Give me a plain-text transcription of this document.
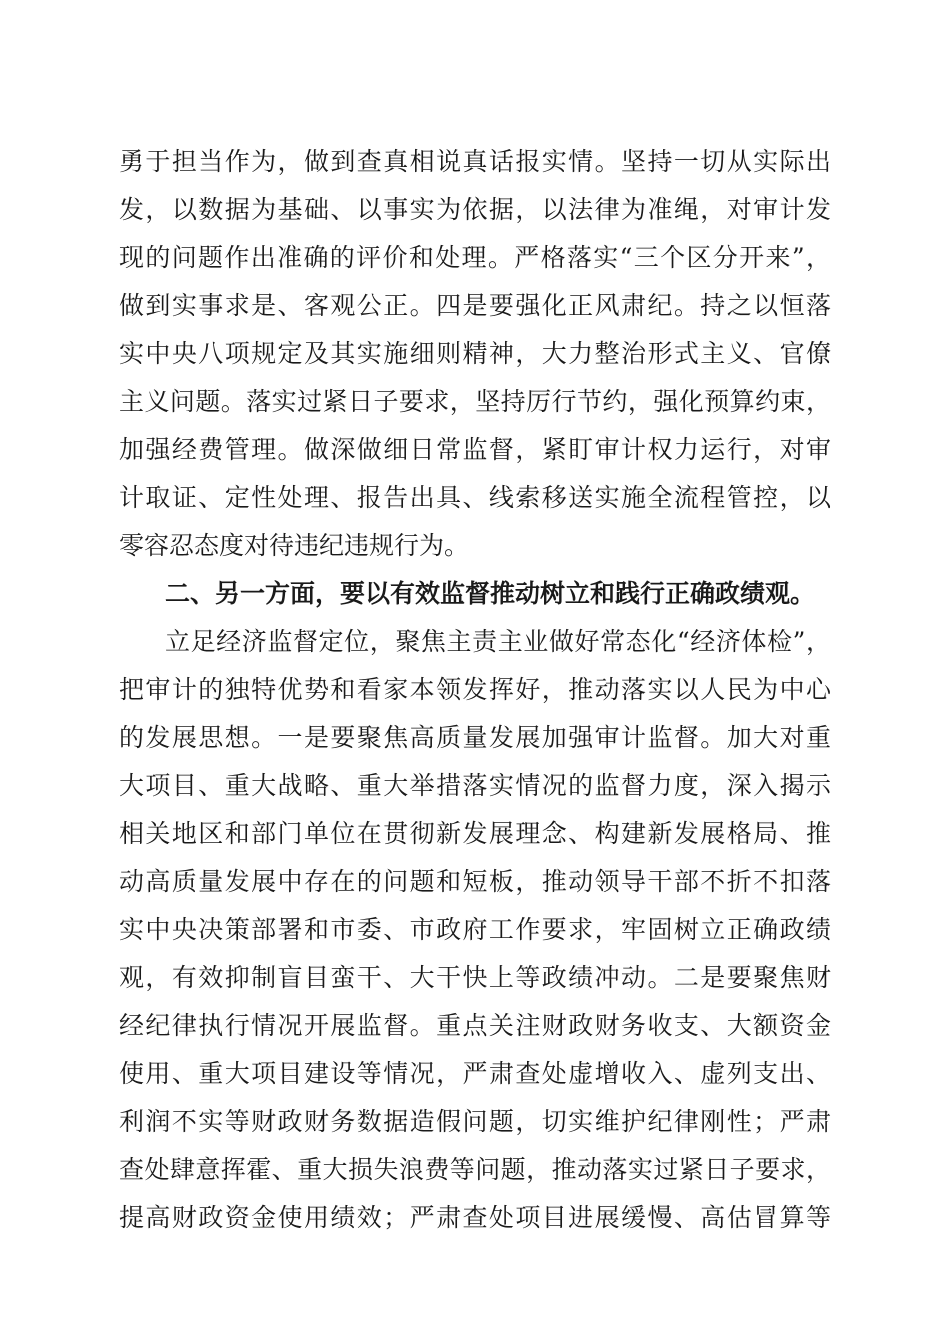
勇于担当作为，做到查真相说真话报实情。坚持一切从实际出
发，以数据为基础、以事实为依据，以法律为准绳，对审计发
现的问题作出准确的评价和处理。严格落实“三个区分开来”，
做到实事求是、客观公正。四是要强化正风肃纪。持之以恒落
实中央八项规定及其实施细则精神，大力整治形式主义、官僚
主义问题。落实过紧日子要求，坚持厉行节约，强化预算约束，
加强经费管理。做深做细日常监督，紧盯审计权力运行，对审
计取证、定性处理、报告出具、线索移送实施全流程管控，以
零容忍态度对待违纪违规行为。
二、另一方面，要以有效监督推动树立和践行正确政绩观。
立足经济监督定位，聚焦主责主业做好常态化“经济体检”，
把审计的独特优势和看家本领发挥好，推动落实以人民为中心
的发展思想。一是要聚焦高质量发展加强审计监督。加大对重
大项目、重大战略、重大举措落实情况的监督力度，深入揭示
相关地区和部门单位在贯彻新发展理念、构建新发展格局、推
动高质量发展中存在的问题和短板，推动领导干部不折不扣落
实中央决策部署和市委、市政府工作要求，牢固树立正确政绩
观，有效抑制盲目蛮干、大干快上等政绩冲动。二是要聚焦财
经纪律执行情况开展监督。重点关注财政财务收支、大额资金
使用、重大项目建设等情况，严肃查处虚增收入、虚列支出、
利润不实等财政财务数据造假问题，切实维护纪律刚性；严肃
查处肆意挥霍、重大损失浪费等问题，推动落实过紧日子要求，
提高财政资金使用绩效；严肃查处项目进展缓慢、高估冒算等
